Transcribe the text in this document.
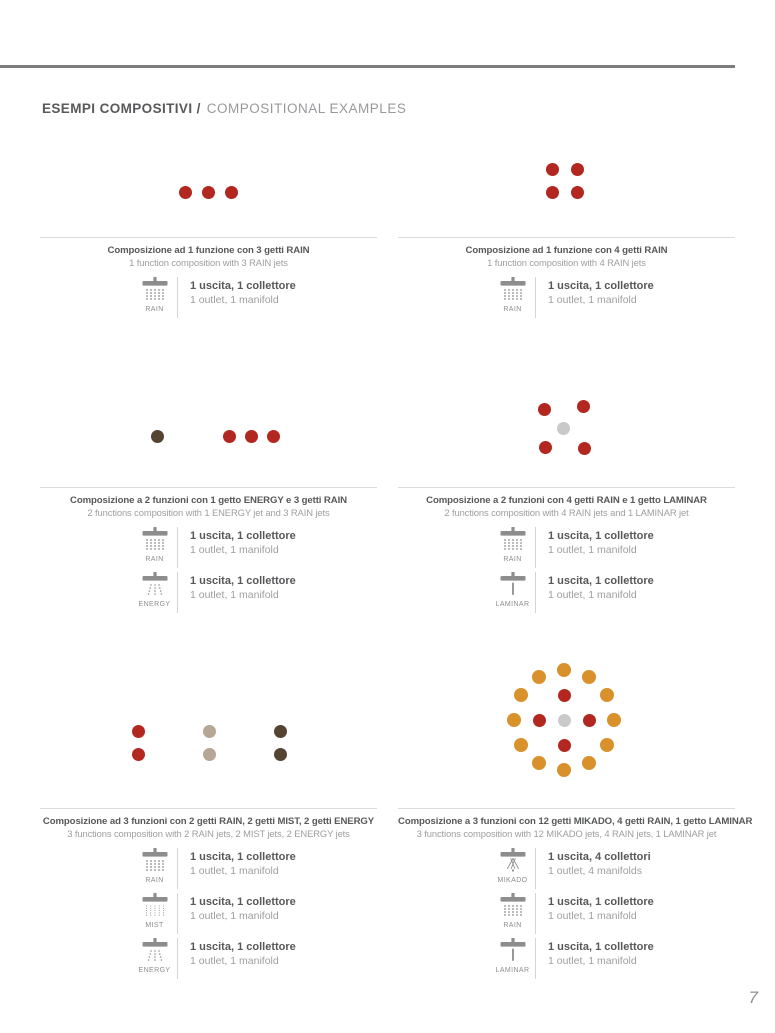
ESEMPI COMPOSITIVI / COMPOSITIONAL EXAMPLES

Composizione ad 1 funzione con 3 getti RAIN

1 function composition with 3 RAIN jets

RAIN
1 uscita, 1 collettore
1 outlet, 1 manifold

Composizione ad 1 funzione con 4 getti RAIN

1 function composition with 4 RAIN jets

RAIN
1 uscita, 1 collettore
1 outlet, 1 manifold

Composizione a 2 funzioni con 1 getto ENERGY e 3 getti RAIN

2 functions composition with 1 ENERGY jet and 3 RAIN jets

RAIN
1 uscita, 1 collettore
1 outlet, 1 manifold
ENERGY
1 uscita, 1 collettore
1 outlet, 1 manifold

Composizione a 2 funzioni con 4 getti RAIN e 1 getto LAMINAR

2 functions composition with 4 RAIN jets and 1 LAMINAR jet

RAIN
1 uscita, 1 collettore
1 outlet, 1 manifold
LAMINAR
1 uscita, 1 collettore
1 outlet, 1 manifold

Composizione ad 3 funzioni con 2 getti RAIN, 2 getti MIST, 2 getti ENERGY

3 functions composition with 2 RAIN jets, 2 MIST jets, 2 ENERGY jets

RAIN
1 uscita, 1 collettore
1 outlet, 1 manifold
MIST
1 uscita, 1 collettore
1 outlet, 1 manifold
ENERGY
1 uscita, 1 collettore
1 outlet, 1 manifold

Composizione a 3 funzioni con 12 getti MIKADO, 4 getti RAIN, 1 getto LAMINAR

3 functions composition with 12 MIKADO jets, 4 RAIN jets, 1 LAMINAR jet

MIKADO
1 uscita, 4 collettori
1 outlet, 4 manifolds
RAIN
1 uscita, 1 collettore
1 outlet, 1 manifold
LAMINAR
1 uscita, 1 collettore
1 outlet, 1 manifold
7
